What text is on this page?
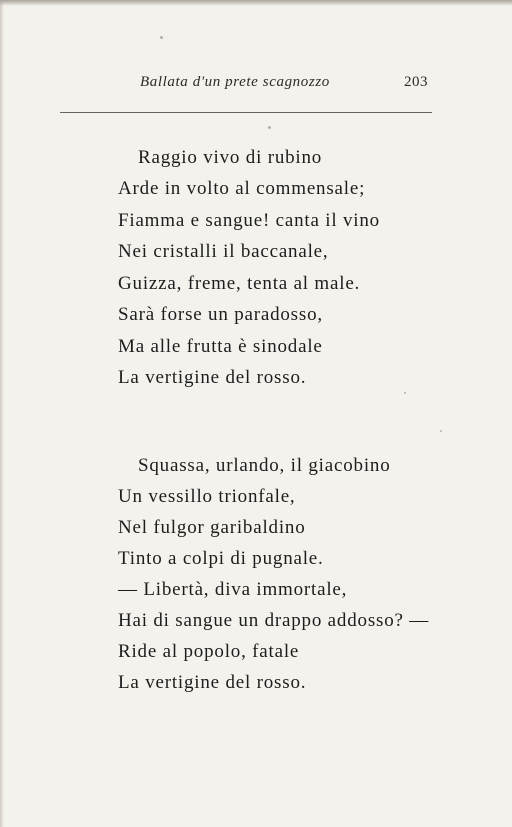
Ballata d'un prete scagnozzo	203
Raggio vivo di rubino
Arde in volto al commensale;
Fiamma e sangue! canta il vino
Nei cristalli il baccanale,
Guizza, freme, tenta al male.
Sarà forse un paradosso,
Ma alle frutta è sinodale
La vertigine del rosso.
Squassa, urlando, il giacobino
Un vessillo trionfale,
Nel fulgor garibaldino
Tinto a colpi di pugnale.
— Libertà, diva immortale,
Hai di sangue un drappo addosso? —
Ride al popolo, fatale
La vertigine del rosso.
